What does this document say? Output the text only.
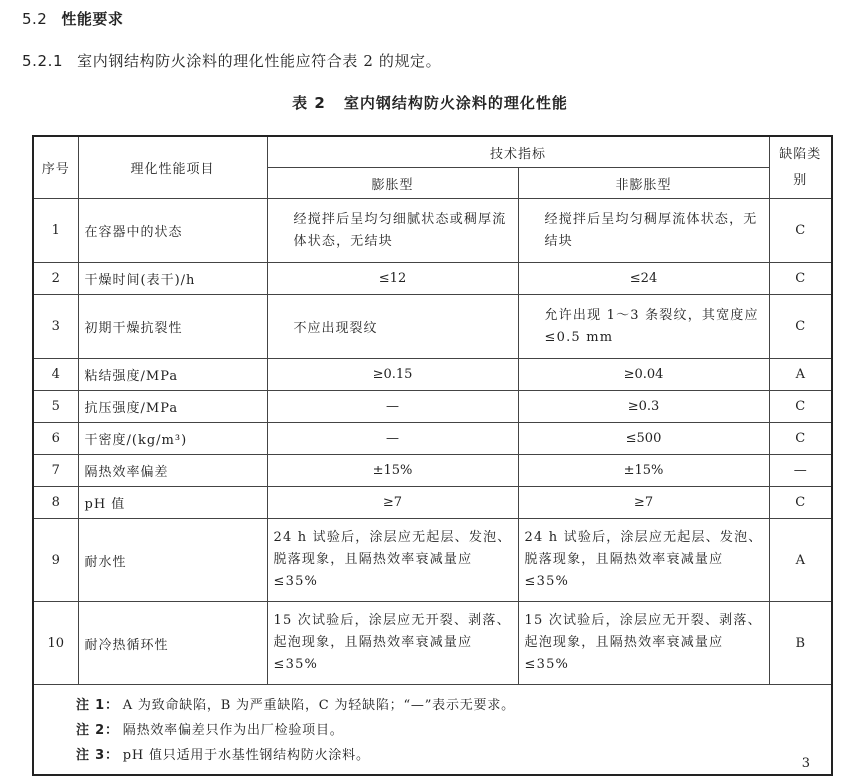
5.2 性能要求
5.2.1 室内钢结构防火涂料的理化性能应符合表 2 的规定。
表 2 室内钢结构防火涂料的理化性能
序号	理化性能项目	技术指标		缺陷类别
		膨胀型	非膨胀型	
1	在容器中的状态	经搅拌后呈均匀细腻状态或稠厚流体状态，无结块	经搅拌后呈均匀稠厚流体状态，无结块	C
2	干燥时间(表干)/h	≤12	≤24	C
3	初期干燥抗裂性	不应出现裂纹	允许出现 1～3 条裂纹，其宽度应≤0.5 mm	C
4	粘结强度/MPa	≥0.15	≥0.04	A
5	抗压强度/MPa	—	≥0.3	C
6	干密度/(kg/m³)	—	≤500	C
7	隔热效率偏差	±15%	±15%	—
8	pH 值	≥7	≥7	C
9	耐水性	24 h 试验后，涂层应无起层、发泡、脱落现象，且隔热效率衰减量应≤35%	24 h 试验后，涂层应无起层、发泡、脱落现象，且隔热效率衰减量应≤35%	A
10	耐冷热循环性	15 次试验后，涂层应无开裂、剥落、起泡现象，且隔热效率衰减量应≤35%	15 次试验后，涂层应无开裂、剥落、起泡现象，且隔热效率衰减量应≤35%	B

注 1： A 为致命缺陷，B 为严重缺陷，C 为轻缺陷；“—”表示无要求。
注 2： 隔热效率偏差只作为出厂检验项目。
注 3： pH 值只适用于水基性钢结构防火涂料。				
3
